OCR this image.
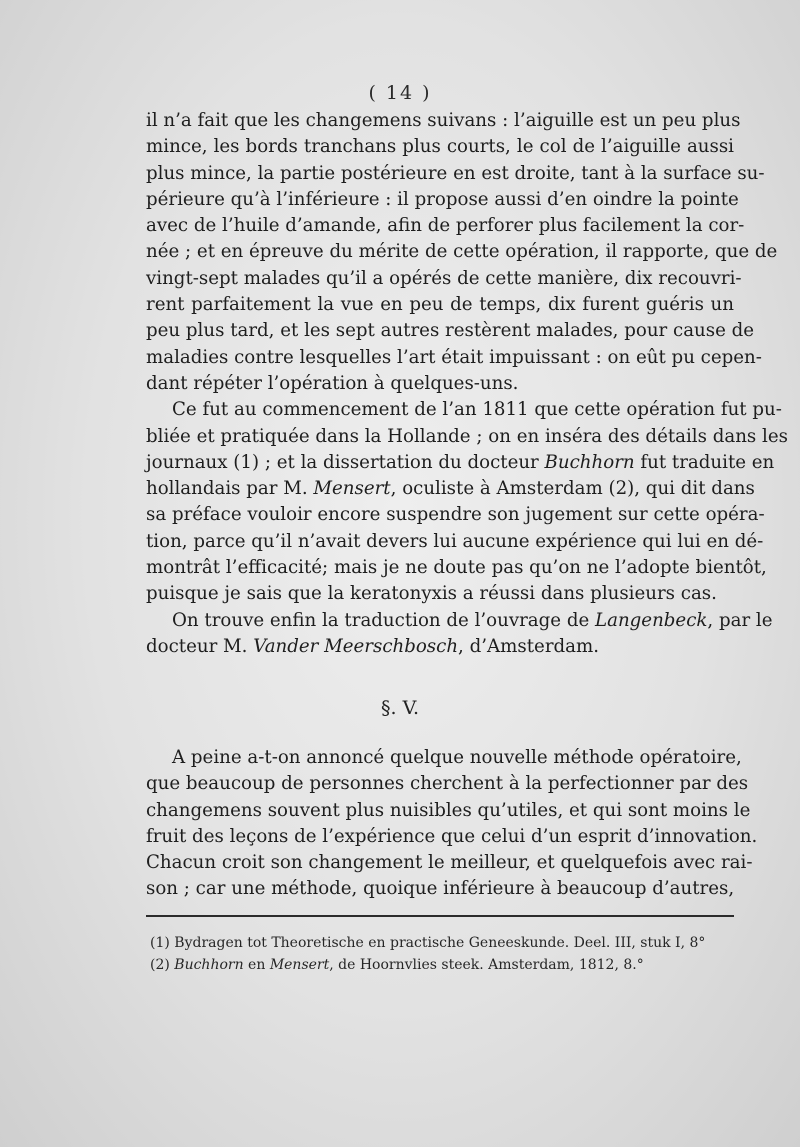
( 14 )
il n’a fait que les changemens suivans : l’aiguille est un peu plus
mince, les bords tranchans plus courts, le col de l’aiguille aussi
plus mince, la partie postérieure en est droite, tant à la surface su-
périeure qu’à l’inférieure : il propose aussi d’en oindre la pointe
avec de l’huile d’amande, afin de perforer plus facilement la cor-
née ; et en épreuve du mérite de cette opération, il rapporte, que de
vingt-sept malades qu’il a opérés de cette manière, dix recouvri-
rent parfaitement la vue en peu de temps, dix furent guéris un
peu plus tard, et les sept autres restèrent malades, pour cause de
maladies contre lesquelles l’art était impuissant : on eût pu cepen-
dant répéter l’opération à quelques-uns.
Ce fut au commencement de l’an 1811 que cette opération fut pu-
bliée et pratiquée dans la Hollande ; on en inséra des détails dans les
journaux (1) ; et la dissertation du docteur Buchhorn fut traduite en
hollandais par M. Mensert, oculiste à Amsterdam (2), qui dit dans
sa préface vouloir encore suspendre son jugement sur cette opéra-
tion, parce qu’il n’avait devers lui aucune expérience qui lui en dé-
montrât l’efficacité; mais je ne doute pas qu’on ne l’adopte bientôt,
puisque je sais que la keratonyxis a réussi dans plusieurs cas.
On trouve enfin la traduction de l’ouvrage de Langenbeck, par le
docteur M. Vander Meerschbosch, d’Amsterdam.
§. V.
A peine a-t-on annoncé quelque nouvelle méthode opératoire,
que beaucoup de personnes cherchent à la perfectionner par des
changemens souvent plus nuisibles qu’utiles, et qui sont moins le
fruit des leçons de l’expérience que celui d’un esprit d’innovation.
Chacun croit son changement le meilleur, et quelquefois avec rai-
son ; car une méthode, quoique inférieure à beaucoup d’autres,
(1) Bydragen tot Theoretische en practische Geneeskunde. Deel. III, stuk I, 8°
(2) Buchhorn en Mensert, de Hoornvlies steek. Amsterdam, 1812, 8.°
